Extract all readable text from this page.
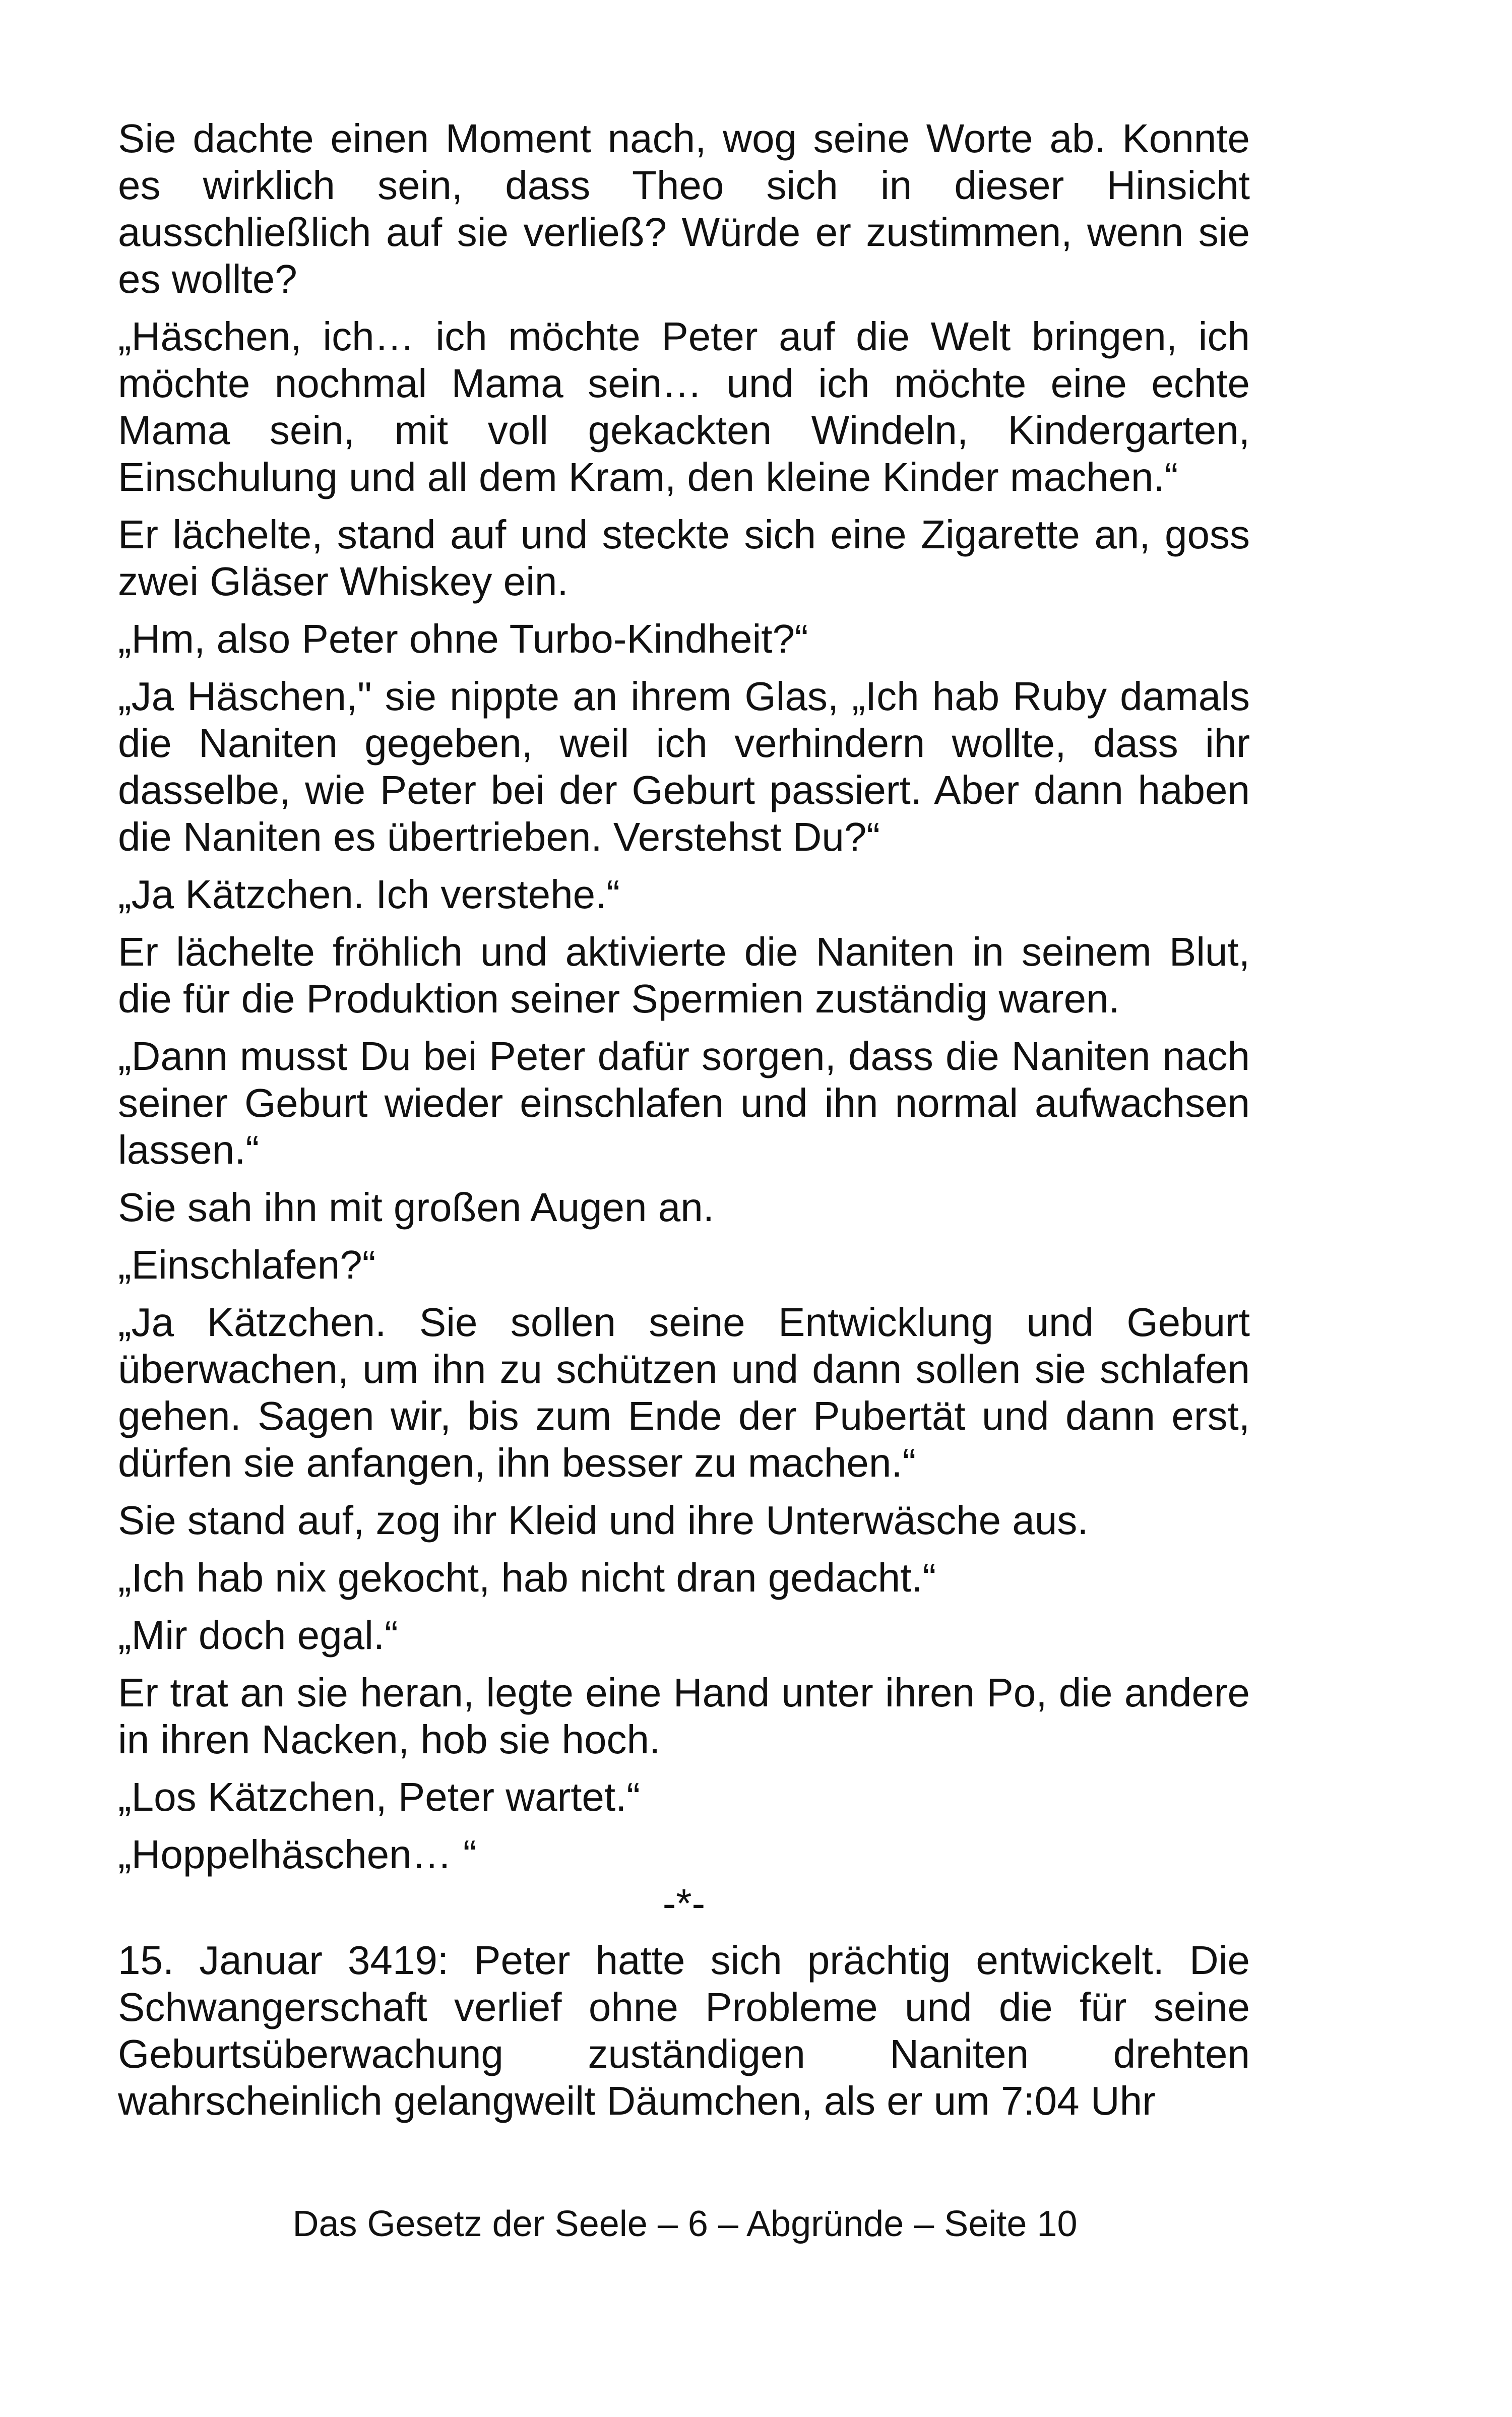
Sie dachte einen Moment nach, wog seine Worte ab. Konnte es wirklich sein, dass Theo sich in dieser Hinsicht ausschließlich auf sie verließ? Würde er zustimmen, wenn sie es wollte?

„Häschen, ich… ich möchte Peter auf die Welt bringen, ich möchte nochmal Mama sein… und ich möchte eine echte Mama sein, mit voll gekackten Windeln, Kindergarten, Einschulung und all dem Kram, den kleine Kinder machen.“

Er lächelte, stand auf und steckte sich eine Zigarette an, goss zwei Gläser Whiskey ein.

„Hm, also Peter ohne Turbo-Kindheit?“

„Ja Häschen," sie nippte an ihrem Glas, „Ich hab Ruby damals die Naniten gegeben, weil ich verhindern wollte, dass ihr dasselbe, wie Peter bei der Geburt passiert. Aber dann haben die Naniten es übertrieben. Verstehst Du?“

„Ja Kätzchen. Ich verstehe.“

Er lächelte fröhlich und aktivierte die Naniten in seinem Blut, die für die Produktion seiner Spermien zuständig waren.

„Dann musst Du bei Peter dafür sorgen, dass die Naniten nach seiner Geburt wieder einschlafen und ihn normal aufwachsen lassen.“

Sie sah ihn mit großen Augen an.

„Einschlafen?“

„Ja Kätzchen. Sie sollen seine Entwicklung und Geburt überwachen, um ihn zu schützen und dann sollen sie schlafen gehen. Sagen wir, bis zum Ende der Pubertät und dann erst, dürfen sie anfangen, ihn besser zu machen.“

Sie stand auf, zog ihr Kleid und ihre Unterwäsche aus.

„Ich hab nix gekocht, hab nicht dran gedacht.“

„Mir doch egal.“

Er trat an sie heran, legte eine Hand unter ihren Po, die andere in ihren Nacken, hob sie hoch.

„Los Kätzchen, Peter wartet.“

„Hoppelhäschen… “

-*-

15. Januar 3419: Peter hatte sich prächtig entwickelt. Die Schwangerschaft verlief ohne Probleme und die für seine Geburtsüberwachung zuständigen Naniten drehten wahrscheinlich gelangweilt Däumchen, als er um 7:04 Uhr

Das Gesetz der Seele – 6 – Abgründe – Seite 10
